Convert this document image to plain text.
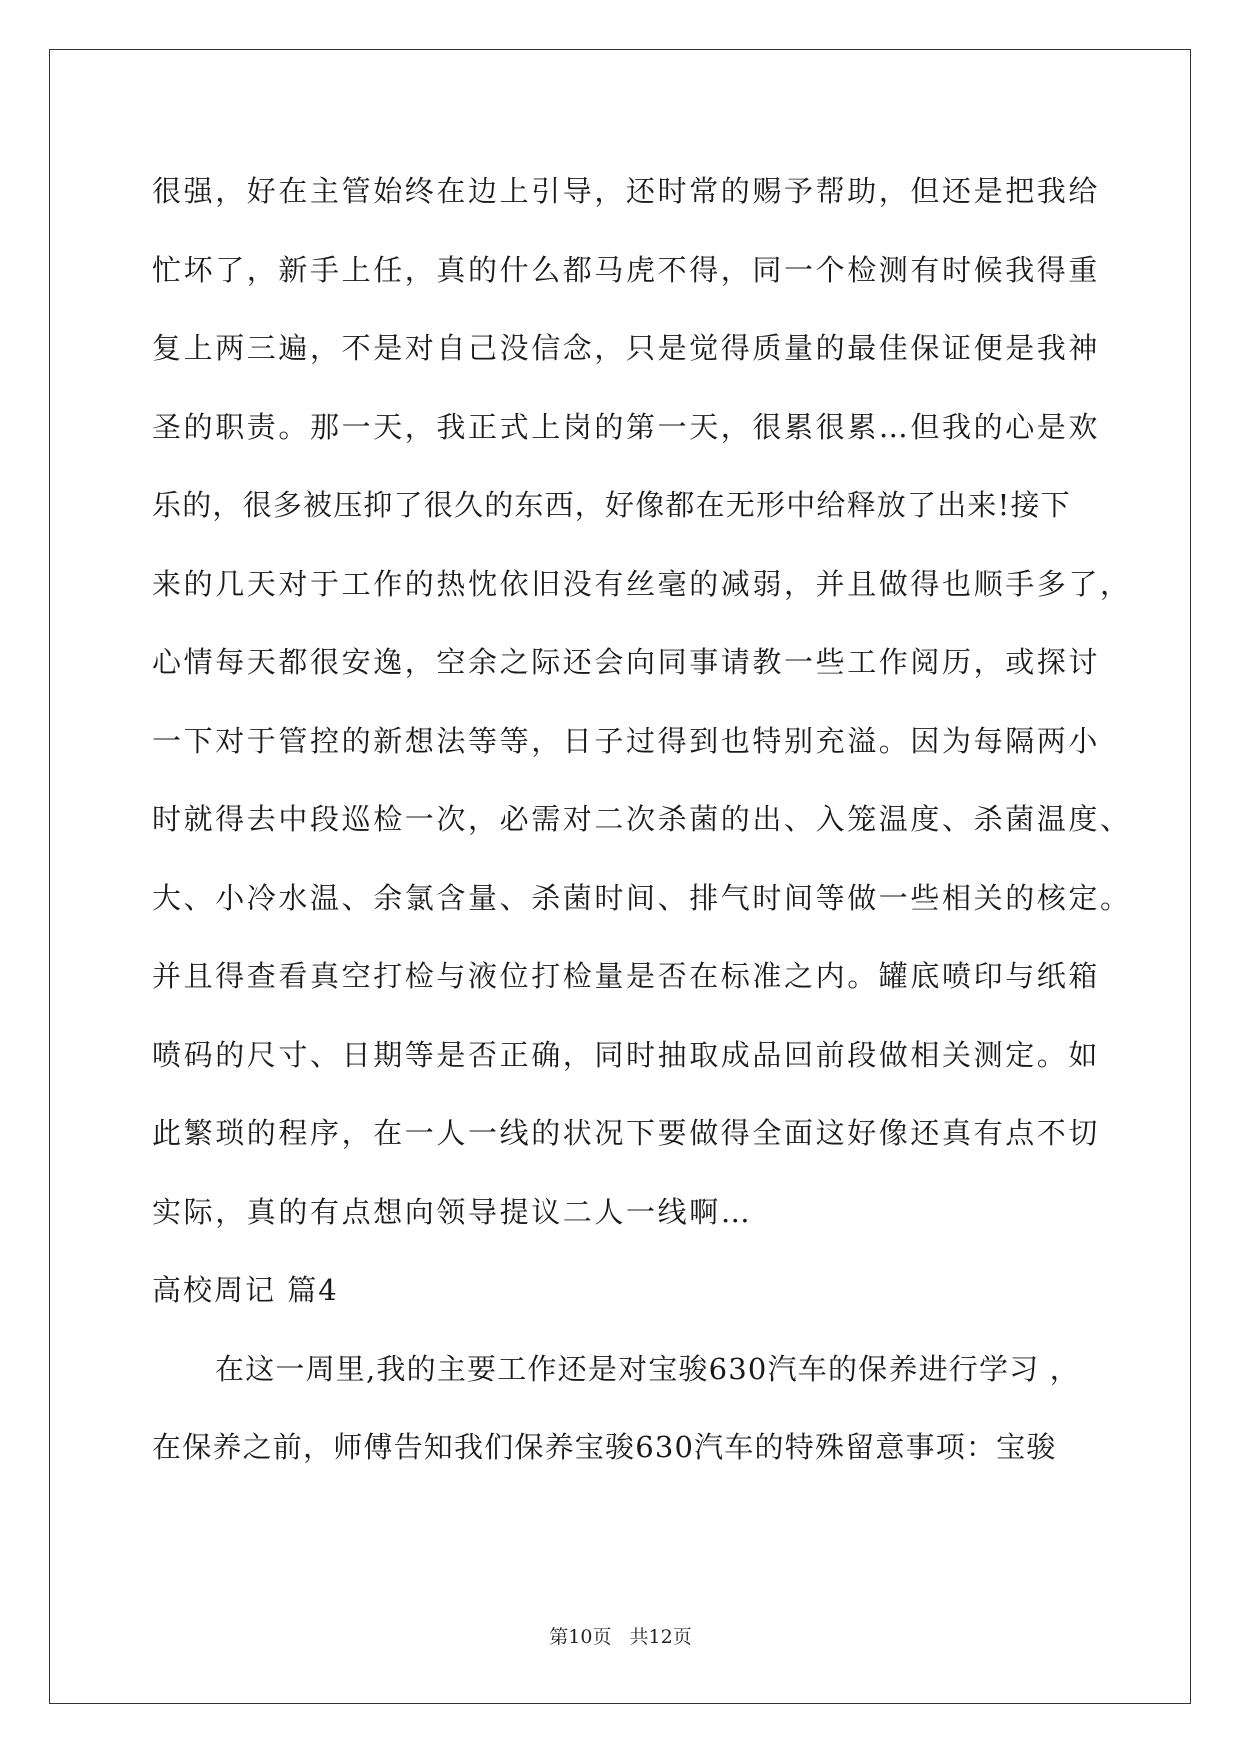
很强，好在主管始终在边上引导，还时常的赐予帮助，但还是把我给
忙坏了，新手上任，真的什么都马虎不得，同一个检测有时候我得重
复上两三遍，不是对自己没信念，只是觉得质量的最佳保证便是我神
圣的职责。那一天，我正式上岗的第一天，很累很累…但我的心是欢
乐的，很多被压抑了很久的东西，好像都在无形中给释放了出来!接下
来的几天对于工作的热忱依旧没有丝毫的减弱，并且做得也顺手多了，
心情每天都很安逸，空余之际还会向同事请教一些工作阅历，或探讨
一下对于管控的新想法等等，日子过得到也特别充溢。因为每隔两小
时就得去中段巡检一次，必需对二次杀菌的出、入笼温度、杀菌温度、
大、小冷水温、余氯含量、杀菌时间、排气时间等做一些相关的核定。
并且得查看真空打检与液位打检量是否在标准之内。罐底喷印与纸箱
喷码的尺寸、日期等是否正确，同时抽取成品回前段做相关测定。如
此繁琐的程序，在一人一线的状况下要做得全面这好像还真有点不切
实际，真的有点想向领导提议二人一线啊…
高校周记 篇4
在这一周里,我的主要工作还是对宝骏630汽车的保养进行学习 ，
在保养之前，师傅告知我们保养宝骏630汽车的特殊留意事项：宝骏
第10页 共12页
